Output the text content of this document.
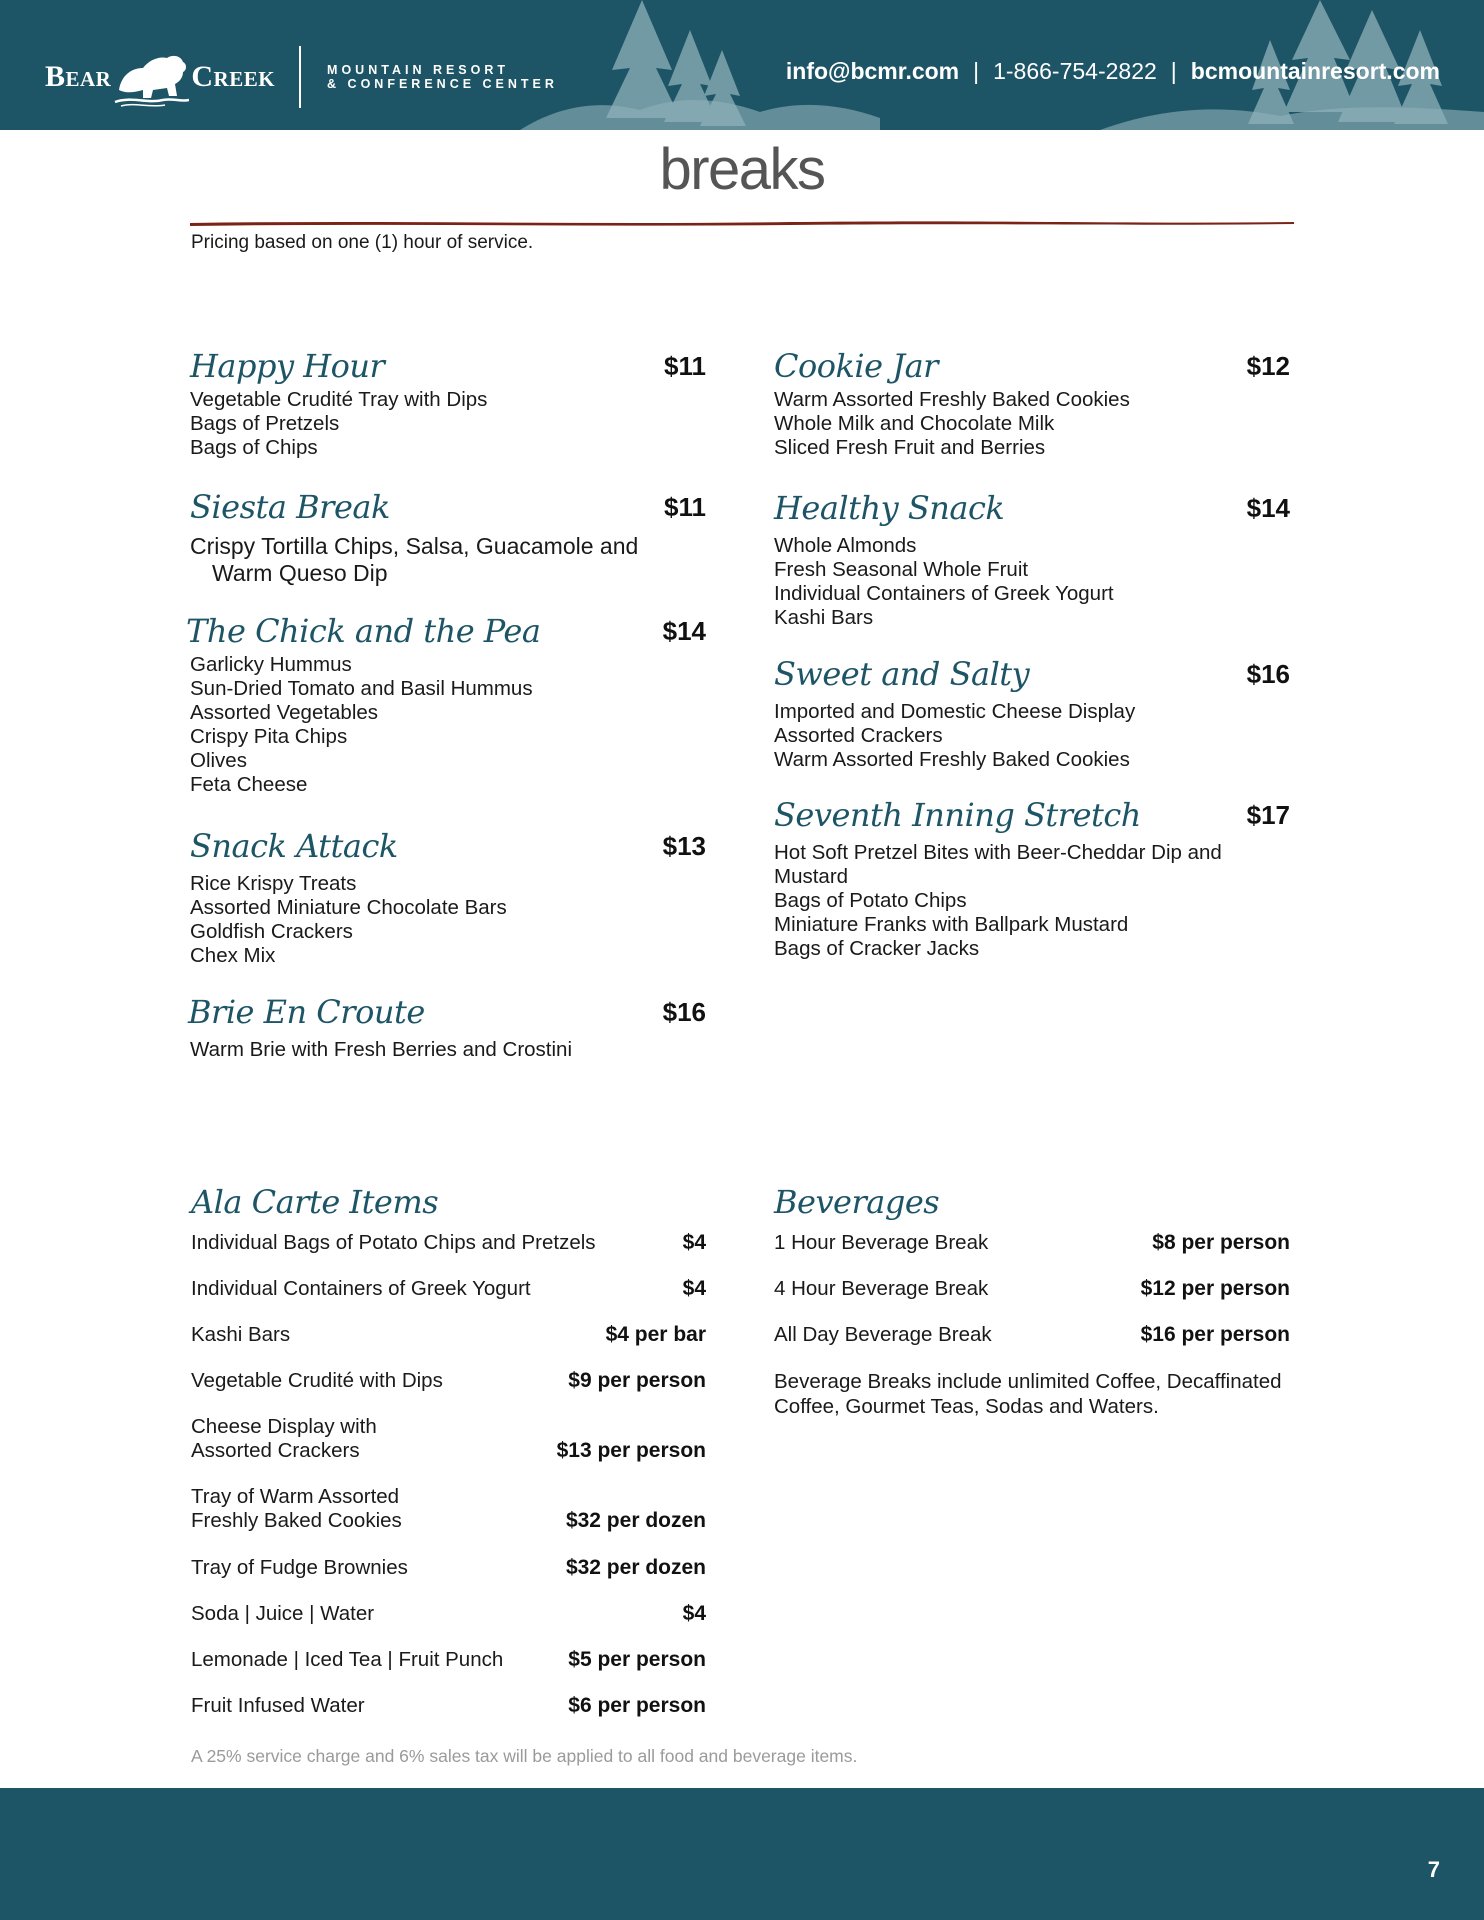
Bear	Creek	MOUNTAIN RESORT
& CONFERENCE CENTER	info@bcmr.com | 1-866-754-2822 | bcmountainresort.com
breaks
Pricing based on one (1) hour of service.
Happy Hour	$11
Vegetable Crudité Tray with Dips
Bags of Pretzels
Bags of Chips
Siesta Break	$11
Crispy Tortilla Chips, Salsa, Guacamole and
Warm Queso Dip
The Chick and the Pea	$14
Garlicky Hummus
Sun-Dried Tomato and Basil Hummus
Assorted Vegetables
Crispy Pita Chips
Olives
Feta Cheese
Snack Attack	$13
Rice Krispy Treats
Assorted Miniature Chocolate Bars
Goldfish Crackers
Chex Mix
Brie En Croute	$16
Warm Brie with Fresh Berries and Crostini
Cookie Jar	$12
Warm Assorted Freshly Baked Cookies
Whole Milk and Chocolate Milk
Sliced Fresh Fruit and Berries
Healthy Snack	$14
Whole Almonds
Fresh Seasonal Whole Fruit
Individual Containers of Greek Yogurt
Kashi Bars
Sweet and Salty	$16
Imported and Domestic Cheese Display
Assorted Crackers
Warm Assorted Freshly Baked Cookies
Seventh Inning Stretch	$17
Hot Soft Pretzel Bites with Beer-Cheddar Dip and
Mustard
Bags of Potato Chips
Miniature Franks with Ballpark Mustard
Bags of Cracker Jacks
Ala Carte Items
Individual Bags of Potato Chips and Pretzels	$4
Individual Containers of Greek Yogurt	$4
Kashi Bars	$4 per bar
Vegetable Crudité with Dips	$9 per person
Cheese Display with
Assorted Crackers	$13 per person
Tray of Warm Assorted
Freshly Baked Cookies	$32 per dozen
Tray of Fudge Brownies	$32 per dozen
Soda | Juice | Water	$4
Lemonade | Iced Tea | Fruit Punch	$5 per person
Fruit Infused Water	$6 per person
Beverages
1 Hour Beverage Break	$8 per person
4 Hour Beverage Break	$12 per person
All Day Beverage Break	$16 per person
Beverage Breaks include unlimited Coffee, Decaffinated
Coffee, Gourmet Teas, Sodas and Waters.
A 25% service charge and 6% sales tax will be applied to all food and beverage items.
7
